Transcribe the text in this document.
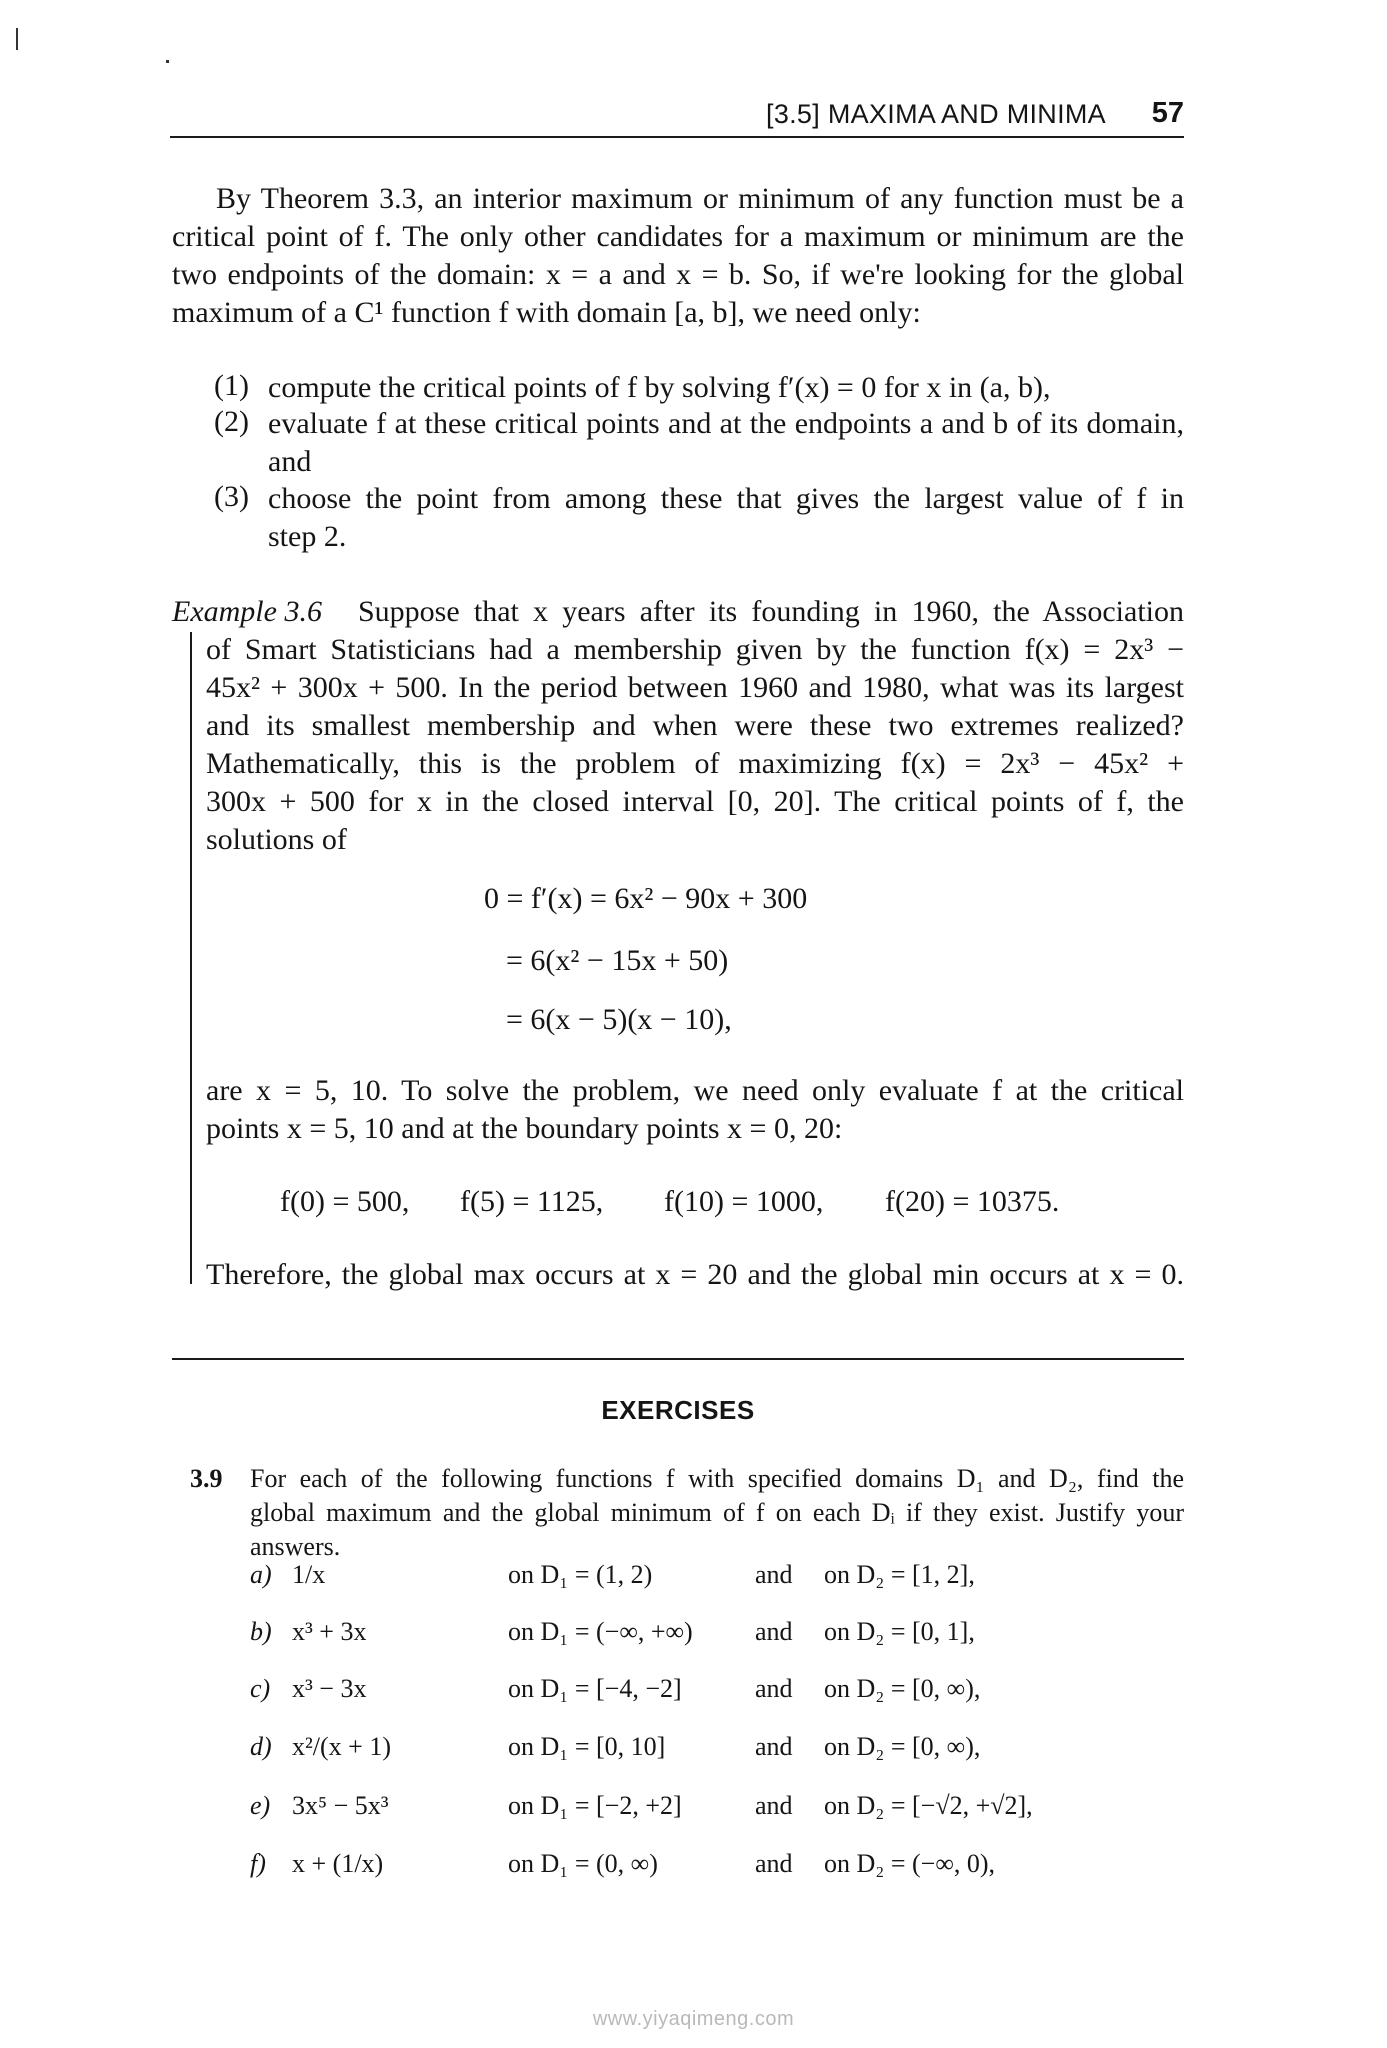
[3.5] MAXIMA AND MINIMA	57
By Theorem 3.3, an interior maximum or minimum of any function must be a
critical point of f. The only other candidates for a maximum or minimum are the
two endpoints of the domain: x = a and x = b. So, if we're looking for the global
maximum of a C¹ function f with domain [a, b], we need only:
(1) compute the critical points of f by solving f′(x) = 0 for x in (a, b),
(2) evaluate f at these critical points and at the endpoints a and b of its domain,
and
(3) choose the point from among these that gives the largest value of f in
step 2.
Example 3.6 Suppose that x years after its founding in 1960, the Association
of Smart Statisticians had a membership given by the function f(x) = 2x³ −
45x² + 300x + 500. In the period between 1960 and 1980, what was its largest
and its smallest membership and when were these two extremes realized?
Mathematically, this is the problem of maximizing f(x) = 2x³ − 45x² +
300x + 500 for x in the closed interval [0, 20]. The critical points of f, the
solutions of
0 = f′(x) = 6x² − 90x + 300
= 6(x² − 15x + 50)
= 6(x − 5)(x − 10),
are x = 5, 10. To solve the problem, we need only evaluate f at the critical
points x = 5, 10 and at the boundary points x = 0, 20:
f(0) = 500, f(5) = 1125, f(10) = 1000, f(20) = 10375.
Therefore, the global max occurs at x = 20 and the global min occurs at x = 0.
EXERCISES
3.9 For each of the following functions f with specified domains D₁ and D₂, find the
global maximum and the global minimum of f on each Dᵢ if they exist. Justify your
answers.
a) 1/x	on D₁ = (1, 2)	and on D₂ = [1, 2],
b) x³ + 3x	on D₁ = (−∞, +∞) and on D₂ = [0, 1],
c) x³ − 3x	on D₁ = [−4, −2]	and on D₂ = [0, ∞),
d) x²/(x + 1)	on D₁ = [0, 10]	and on D₂ = [0, ∞),
e) 3x⁵ − 5x³	on D₁ = [−2, +2]	and on D₂ = [−√2, +√2],
f) x + (1/x)	on D₁ = (0, ∞)	and on D₂ = (−∞, 0),
www.yiyaqimeng.com
